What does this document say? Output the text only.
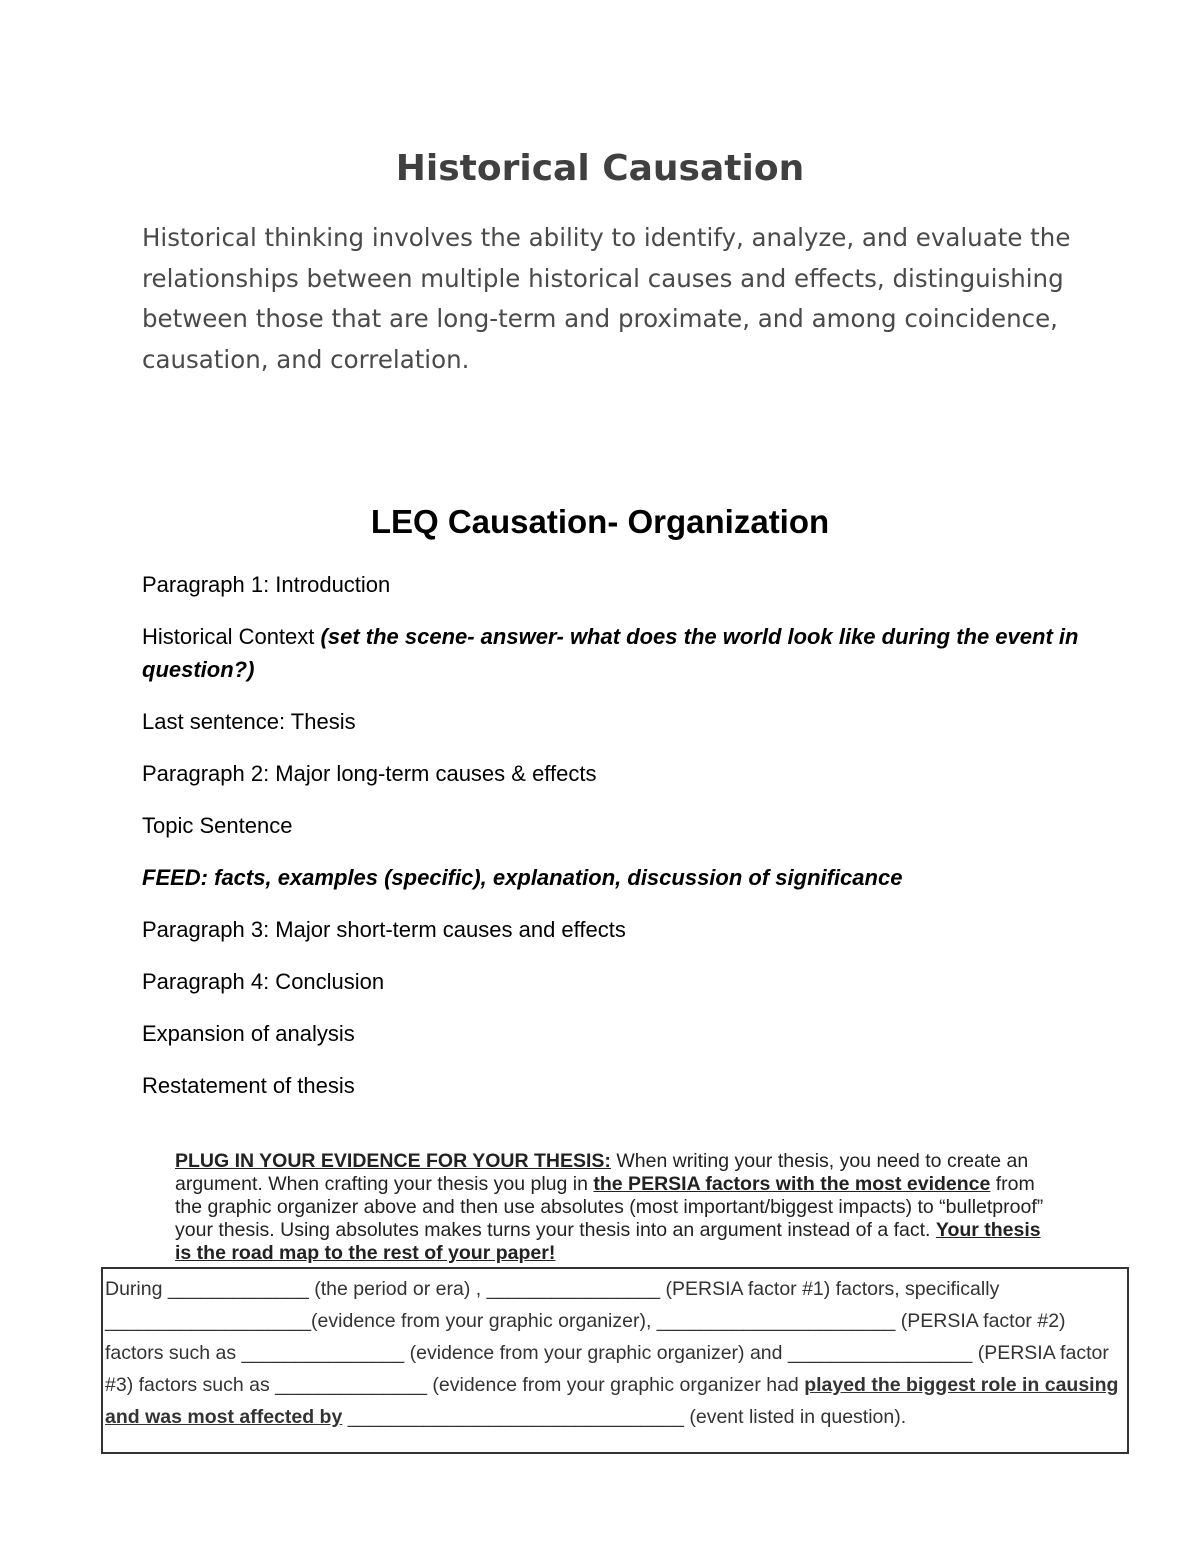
Historical Causation

Historical thinking involves the ability to identify, analyze, and evaluate the relationships between multiple historical causes and effects, distinguishing between those that are long-term and proximate, and among coincidence, causation, and correlation.

LEQ Causation- Organization
Paragraph 1: Introduction
Historical Context (set the scene- answer- what does the world look like during the event in question?)
Last sentence: Thesis
Paragraph 2: Major long-term causes & effects
Topic Sentence
FEED: facts, examples (specific), explanation, discussion of significance
Paragraph 3: Major short-term causes and effects
Paragraph 4: Conclusion
Expansion of analysis
Restatement of thesis

PLUG IN YOUR EVIDENCE FOR YOUR THESIS: When writing your thesis, you need to create an argument. When crafting your thesis you plug in the PERSIA factors with the most evidence from the graphic organizer above and then use absolutes (most important/biggest impacts) to “bulletproof” your thesis. Using absolutes makes turns your thesis into an argument instead of a fact. Your thesis is the road map to the rest of your paper!

During _____________ (the period or era) , ________________ (PERSIA factor #1) factors, specifically ___________________(evidence from your graphic organizer), ______________________ (PERSIA factor #2) factors such as _______________ (evidence from your graphic organizer) and _________________ (PERSIA factor #3) factors such as ______________ (evidence from your graphic organizer had played the biggest role in causing and was most affected by _______________________________ (event listed in question).
